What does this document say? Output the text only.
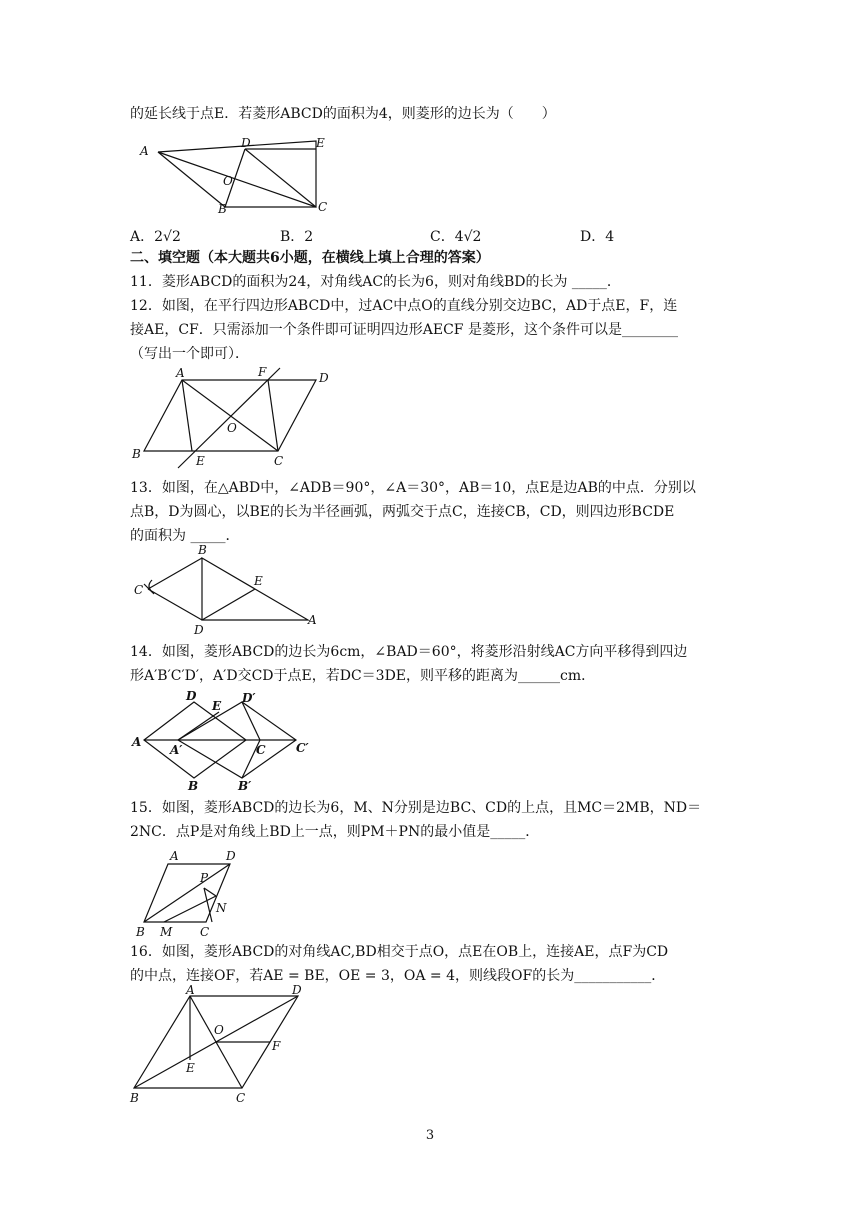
的延长线于点E．若菱形ABCD的面积为4，则菱形的边长为（　　）
A
D	E
O
B	C
A．2√2	B．2	C．4√2	D．4
二、填空题（本大题共6小题，在横线上填上合理的答案）
11．菱形ABCD的面积为24，对角线AC的长为6，则对角线BD的长为 _____．
12．如图，在平行四边形ABCD中，过AC中点O的直线分别交边BC，AD于点E，F，连
接AE，CF．只需添加一个条件即可证明四边形AECF 是菱形，这个条件可以是________
（写出一个即可）．
A	F	D
O
B	E	C
13．如图，在△ABD中，∠ADB＝90°，∠A＝30°，AB＝10，点E是边AB的中点．分别以
点B，D为圆心，以BE的长为半径画弧，两弧交于点C，连接CB，CD，则四边形BCDE
的面积为 _____．
B
E
C
D
A
14．如图，菱形ABCD的边长为6cm，∠BAD＝60°，将菱形沿射线AC方向平移得到四边
形A′B′C′D′，A′D交CD于点E，若DC＝3DE，则平移的距离为______cm．
D
E
D′
A
A′	C	C′
B	B′
15．如图，菱形ABCD的边长为6，M、N分别是边BC、CD的上点，且MC＝2MB，ND＝
2NC．点P是对角线上BD上一点，则PM＋PN的最小值是_____．
A	D
P
N
B M C
16．如图，菱形ABCD的对角线AC,BD相交于点O，点E在OB上，连接AE，点F为CD
的中点，连接OF，若AE = BE，OE = 3，OA = 4，则线段OF的长为___________．
A	D
O
F
E
B	C
3
